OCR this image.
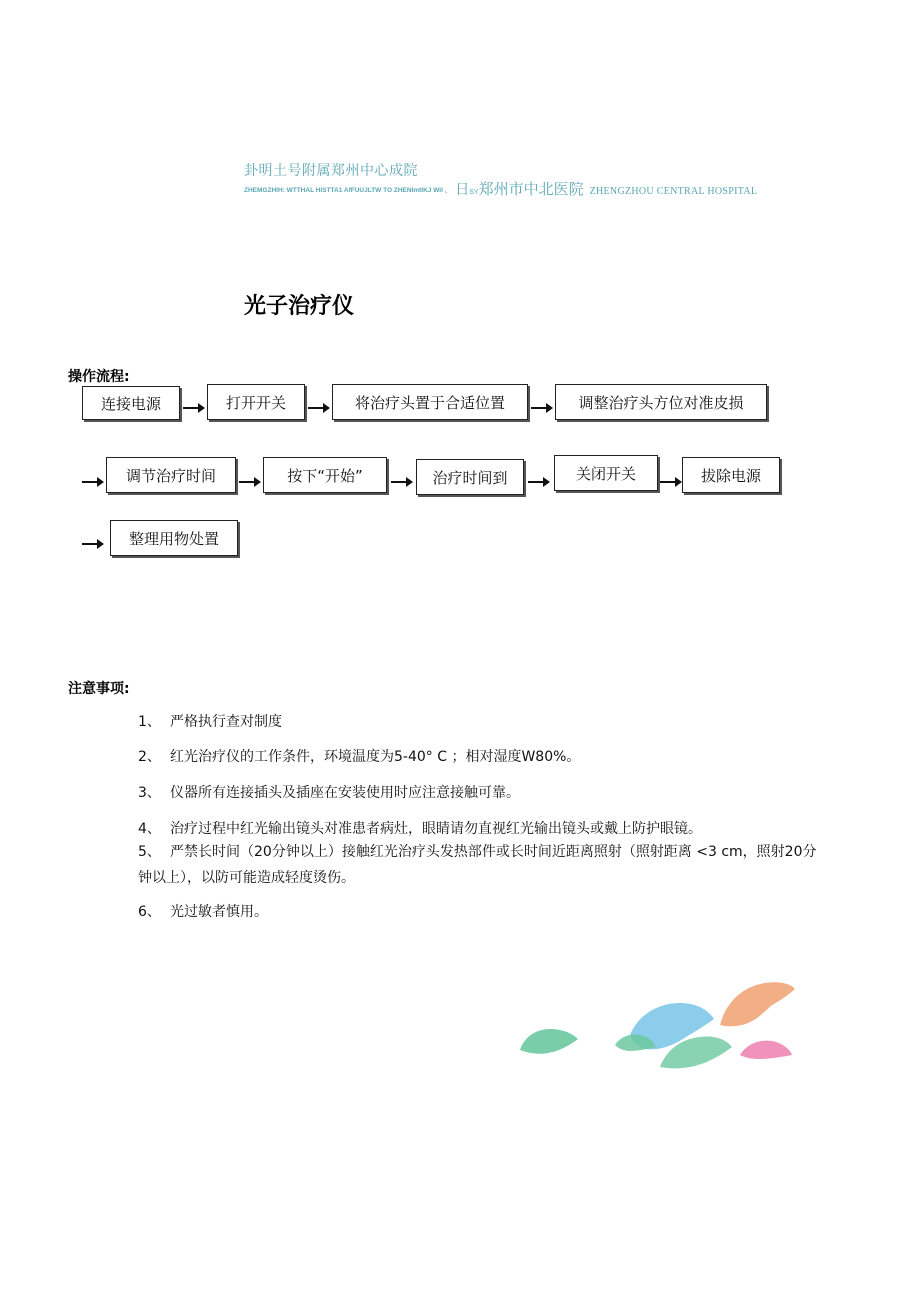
卦明土号附属郑州中心成院
ZHEMGZHIH: WTTHAL HISTTA1 AfFUUJLTW TO ZHENImtIKJ Wil 、 日SY郑州市中北医院 ZHENGZHOU CENTRAL HOSPITAL
光子治疗仪
操作流程:
连接电源	打开开关	将治疗头置于合适位置	调整治疗头方位对准皮损
调节治疗时间	按下“开始”	治疗时间到	关闭开关	拔除电源
整理用物处置
注意事项:
1、 严格执行查对制度
2、 红光治疗仪的工作条件，环境温度为5-40° C ；相对湿度W80%。
3、 仪器所有连接插头及插座在安装使用时应注意接触可靠。
4、 治疗过程中红光输出镜头对准患者病灶，眼睛请勿直视红光输出镜头或戴上防护眼镜。
5、 严禁长时间（20分钟以上）接触红光治疗头发热部件或长时间近距离照射（照射距离 <3 cm，照射20分钟以上），以防可能造成轻度烫伤。
6、 光过敏者慎用。
